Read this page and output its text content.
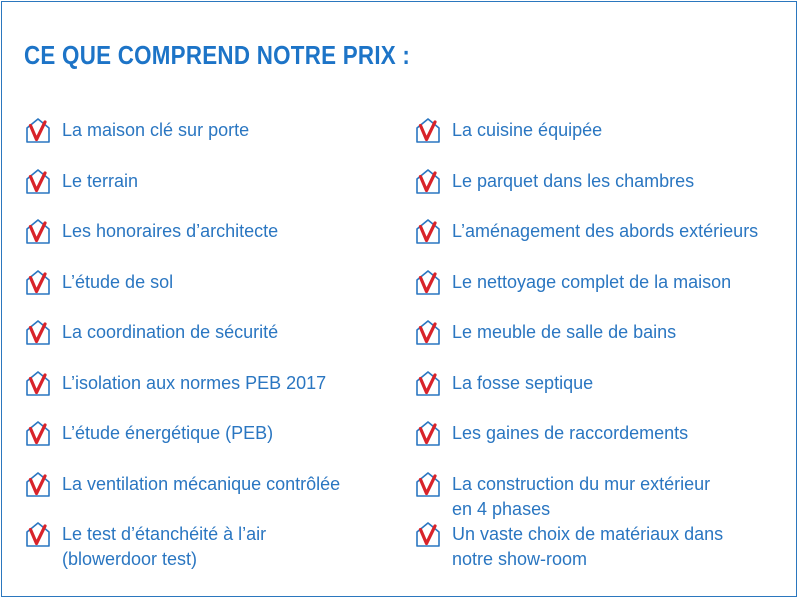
CE QUE COMPREND NOTRE PRIX :
La maison clé sur porte
Le terrain
Les honoraires d’architecte
L’étude de sol
La coordination de sécurité
L’isolation aux normes PEB 2017
L’étude énergétique (PEB)
La ventilation mécanique contrôlée
Le test d’étanchéité à l’air
(blowerdoor test)
La cuisine équipée
Le parquet dans les chambres
L’aménagement des abords extérieurs
Le nettoyage complet de la maison
Le meuble de salle de bains
La fosse septique
Les gaines de raccordements
La construction du mur extérieur
en 4 phases
Un vaste choix de matériaux dans
notre show-room
